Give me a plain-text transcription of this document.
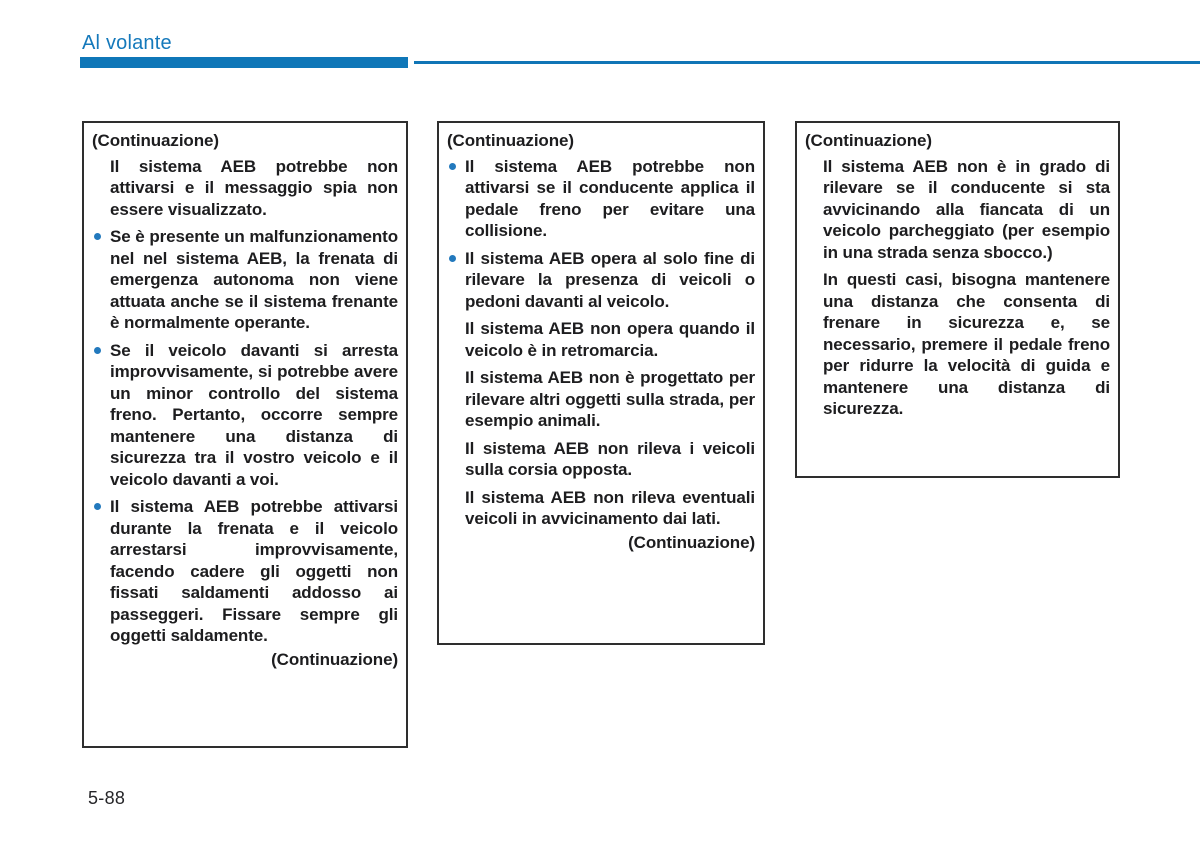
Al volante
(Continuazione)
Il sistema AEB potrebbe non attivarsi e il messaggio spia non essere visualizzato.
Se è presente un malfunzionamento nel nel sistema AEB, la frenata di emergenza autonoma non viene attuata anche se il sistema frenante è normalmente operante.
Se il veicolo davanti si arresta improvvisamente, si potrebbe avere un minor controllo del sistema freno. Pertanto, occorre sempre mantenere una distanza di sicurezza tra il vostro veicolo e il veicolo davanti a voi.
Il sistema AEB potrebbe attivarsi durante la frenata e il veicolo arrestarsi improvvisamente, facendo cadere gli oggetti non fissati saldamenti addosso ai passeggeri. Fissare sempre gli oggetti saldamente.
(Continuazione)
(Continuazione)
Il sistema AEB potrebbe non attivarsi se il conducente applica il pedale freno per evitare una collisione.
Il sistema AEB opera al solo fine di rilevare la presenza di veicoli o pedoni davanti al veicolo.
Il sistema AEB non opera quando il veicolo è in retromarcia.
Il sistema AEB non è progettato per rilevare altri oggetti sulla strada, per esempio animali.
Il sistema AEB non rileva i veicoli sulla corsia opposta.
Il sistema AEB non rileva eventuali veicoli in avvicinamento dai lati.
(Continuazione)
(Continuazione)
Il sistema AEB non è in grado di rilevare se il conducente si sta avvicinando alla fiancata di un veicolo parcheggiato (per esempio in una strada senza sbocco.)
In questi casi, bisogna mantenere una distanza che consenta di frenare in sicurezza e, se necessario, premere il pedale freno per ridurre la velocità di guida e mantenere una distanza di sicurezza.
5-88
